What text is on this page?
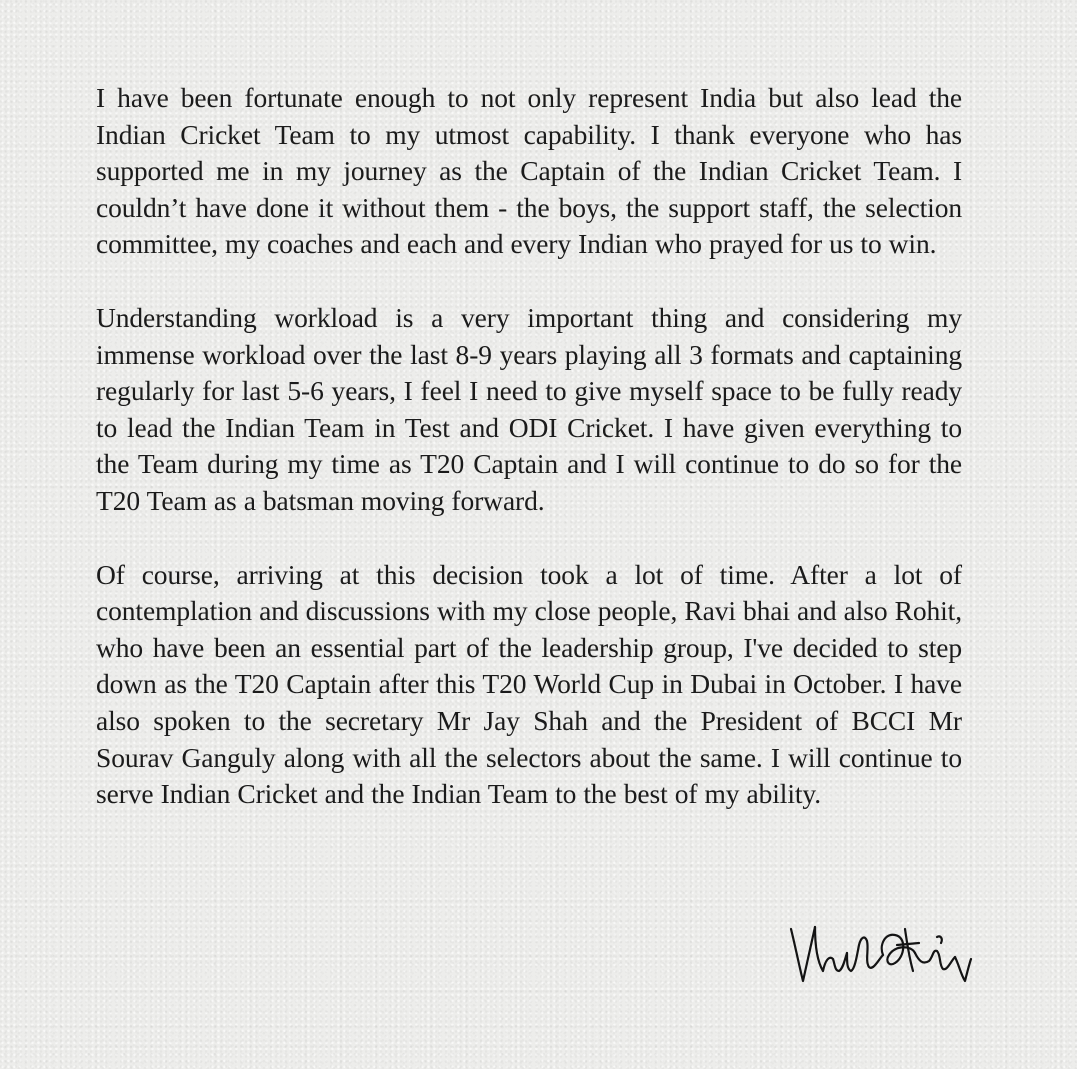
I have been fortunate enough to not only represent India but also lead the Indian Cricket Team to my utmost capability. I thank everyone who has supported me in my journey as the Captain of the Indian Cricket Team. I couldn’t have done it without them - the boys, the support staff, the selection committee, my coaches and each and every Indian who prayed for us to win.

Understanding workload is a very important thing and considering my immense workload over the last 8-9 years playing all 3 formats and captaining regularly for last 5-6 years, I feel I need to give myself space to be fully ready to lead the Indian Team in Test and ODI Cricket. I have given everything to the Team during my time as T20 Captain and I will continue to do so for the T20 Team as a batsman moving forward.

Of course, arriving at this decision took a lot of time. After a lot of contemplation and discussions with my close people, Ravi bhai and also Rohit, who have been an essential part of the leadership group, I've decided to step down as the T20 Captain after this T20 World Cup in Dubai in October. I have also spoken to the secretary Mr Jay Shah and the President of BCCI Mr Sourav Ganguly along with all the selectors about the same. I will continue to serve Indian Cricket and the Indian Team to the best of my ability.
